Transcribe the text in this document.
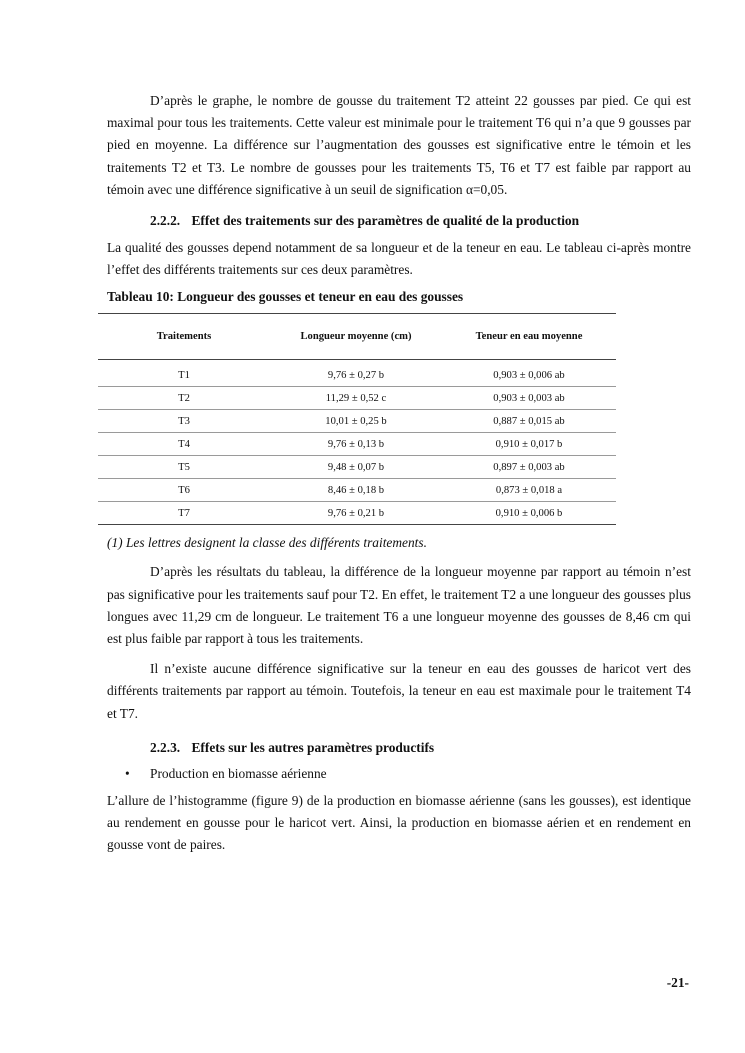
D’après le graphe, le nombre de gousse du traitement T2 atteint 22 gousses par pied. Ce qui est maximal pour tous les traitements. Cette valeur est minimale pour le traitement T6 qui n’a que 9 gousses par pied en moyenne. La différence sur l’augmentation des gousses est significative entre le témoin et les traitements T2 et T3. Le nombre de gousses pour les traitements T5, T6 et T7 est faible par rapport au témoin avec une différence significative à un seuil de signification α=0,05.

2.2.2. Effet des traitements sur des paramètres de qualité de la production

La qualité des gousses depend notamment de sa longueur et de la teneur en eau. Le tableau ci-après montre l’effet des différents traitements sur ces deux paramètres.

Tableau 10: Longueur des gousses et teneur en eau des gousses
Traitements	Longueur moyenne (cm)	Teneur en eau moyenne
T1	9,76 ± 0,27 b	0,903 ± 0,006 ab
T2	11,29 ± 0,52 c	0,903 ± 0,003 ab
T3	10,01 ± 0,25 b	0,887 ± 0,015 ab
T4	9,76 ± 0,13 b	0,910 ± 0,017 b
T5	9,48 ± 0,07 b	0,897 ± 0,003 ab
T6	8,46 ± 0,18 b	0,873 ± 0,018 a
T7	9,76 ± 0,21 b	0,910 ± 0,006 b
(1) Les lettres designent la classe des différents traitements.

D’après les résultats du tableau, la différence de la longueur moyenne par rapport au témoin n’est pas significative pour les traitements sauf pour T2. En effet, le traitement T2 a une longueur des gousses plus longues avec 11,29 cm de longueur. Le traitement T6 a une longueur moyenne des gousses de 8,46 cm qui est plus faible par rapport à tous les traitements.

Il n’existe aucune différence significative sur la teneur en eau des gousses de haricot vert des différents traitements par rapport au témoin. Toutefois, la teneur en eau est maximale pour le traitement T4 et T7.

2.2.3. Effets sur les autres paramètres productifs
•	Production en biomasse aérienne

L’allure de l’histogramme (figure 9) de la production en biomasse aérienne (sans les gousses), est identique au rendement en gousse pour le haricot vert. Ainsi, la production en biomasse aérien et en rendement en gousse vont de paires.

-21-
